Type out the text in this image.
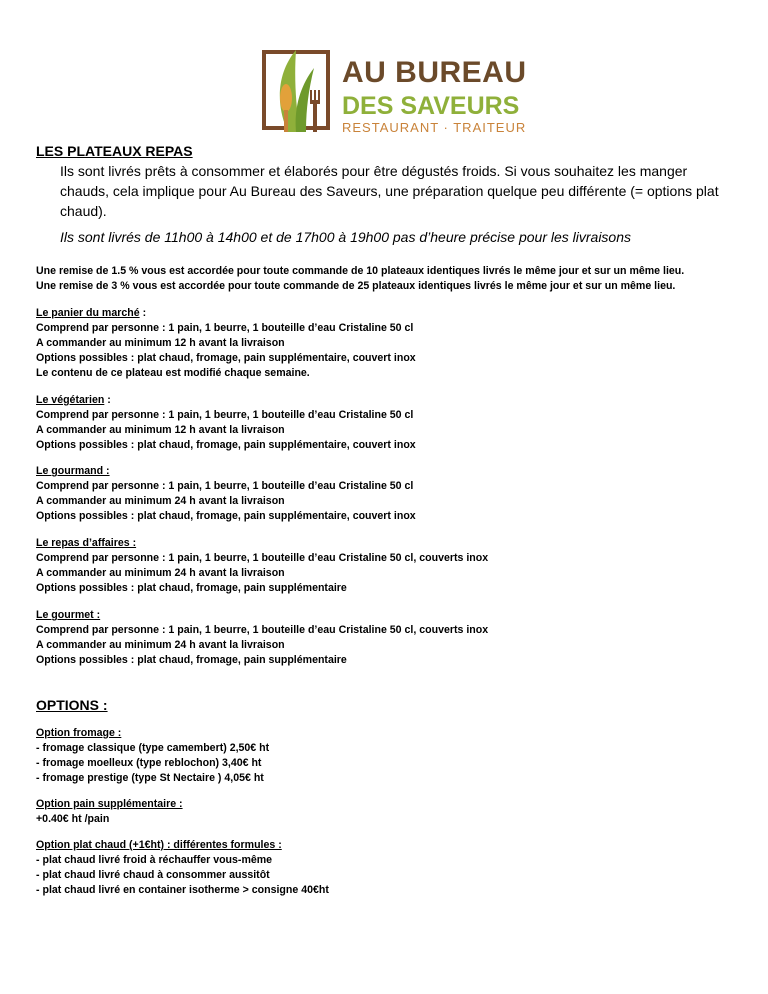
AU BUREAU
DES SAVEURS
RESTAURANT · TRAITEUR
LES PLATEAUX REPAS

Ils sont livrés prêts à consommer et élaborés pour être dégustés froids. Si vous souhaitez les manger chauds, cela implique pour Au Bureau des Saveurs, une préparation quelque peu différente (= options plat chaud).

Ils sont livrés de 11h00 à 14h00 et de 17h00 à 19h00 pas d’heure précise pour les livraisons

Une remise de 1.5 % vous est accordée pour toute commande de 10 plateaux identiques livrés le même jour et sur un même lieu.

Une remise de 3 % vous est accordée pour toute commande de 25 plateaux identiques livrés le même jour et sur un même lieu.

Le panier du marché :

Comprend par personne : 1 pain, 1 beurre, 1 bouteille d’eau Cristaline 50 cl

A commander au minimum 12 h avant la livraison

Options possibles : plat chaud, fromage, pain supplémentaire, couvert inox

Le contenu de ce plateau est modifié chaque semaine.

Le végétarien :

Comprend par personne : 1 pain, 1 beurre, 1 bouteille d’eau Cristaline 50 cl

A commander au minimum 12 h avant la livraison

Options possibles : plat chaud, fromage, pain supplémentaire, couvert inox

Le gourmand :

Comprend par personne : 1 pain, 1 beurre, 1 bouteille d’eau Cristaline 50 cl

A commander au minimum 24 h avant la livraison

Options possibles : plat chaud, fromage, pain supplémentaire, couvert inox

Le repas d’affaires :

Comprend par personne : 1 pain, 1 beurre, 1 bouteille d’eau Cristaline 50 cl, couverts inox

A commander au minimum 24 h avant la livraison

Options possibles : plat chaud, fromage, pain supplémentaire

Le gourmet :

Comprend par personne : 1 pain, 1 beurre, 1 bouteille d’eau Cristaline 50 cl, couverts inox

A commander au minimum 24 h avant la livraison

Options possibles : plat chaud, fromage, pain supplémentaire

OPTIONS :

Option fromage :

- fromage classique (type camembert) 2,50€ ht

- fromage moelleux (type reblochon) 3,40€ ht

- fromage prestige (type St Nectaire ) 4,05€ ht

Option pain supplémentaire :

+0.40€ ht /pain

Option plat chaud (+1€ht) : différentes formules :

- plat chaud livré froid à réchauffer vous-même

- plat chaud livré chaud à consommer aussitôt

- plat chaud livré en container isotherme > consigne 40€ht
